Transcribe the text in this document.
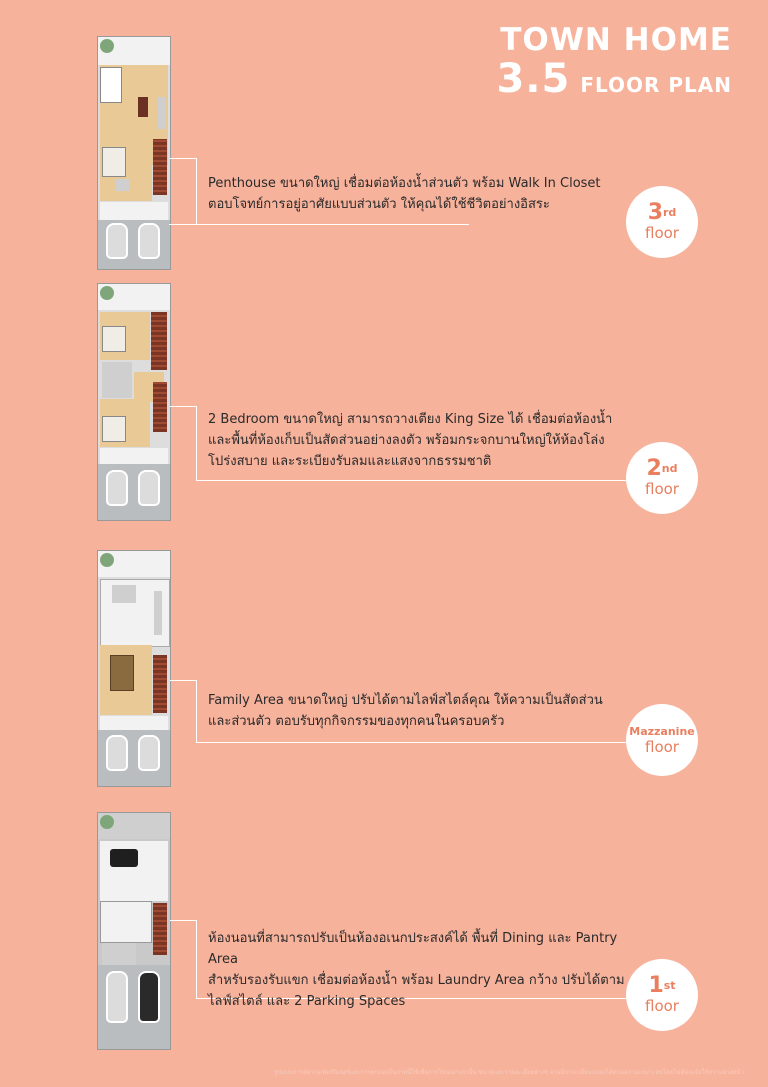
TOWN HOME
3.5 FLOOR PLAN
Penthouse ขนาดใหญ่ เชื่อมต่อห้องน้ำส่วนตัว พร้อม Walk In Closet
ตอบโจทย์การอยู่อาศัยแบบส่วนตัว ให้คุณได้ใช้ชีวิตอย่างอิสระ	3rd
floor
2 Bedroom ขนาดใหญ่ สามารถวางเตียง King Size ได้ เชื่อมต่อห้องน้ำ
และพื้นที่ห้องเก็บเป็นสัดส่วนอย่างลงตัว พร้อมกระจกบานใหญ่ให้ห้องโล่ง
โปร่งสบาย และระเบียงรับลมและแสงจากธรรมชาติ	2nd
floor
Family Area ขนาดใหญ่ ปรับได้ตามไลฟ์สไตล์คุณ ให้ความเป็นสัดส่วน
และส่วนตัว ตอบรับทุกกิจกรรมของทุกคนในครอบครัว
Mazzanine
floor
ห้องนอนที่สามารถปรับเป็นห้องอเนกประสงค์ได้ พื้นที่ Dining และ Pantry Area
สำหรับรองรับแขก เชื่อมต่อห้องน้ำ พร้อม Laundry Area กว้าง ปรับได้ตาม
ไลฟ์สไตล์ และ 2 Parking Spaces
1st
floor
รูปแบบการจัดวางเฟอร์นิเจอร์และการตกแต่งในภาพนี้ใช้เพื่อการโฆษณาเท่านั้น ขนาดและรายละเอียดต่างๆ อาจมีการเปลี่ยนแปลงได้ตามความเหมาะสมโดยไม่ต้องแจ้งให้ทราบล่วงหน้า
